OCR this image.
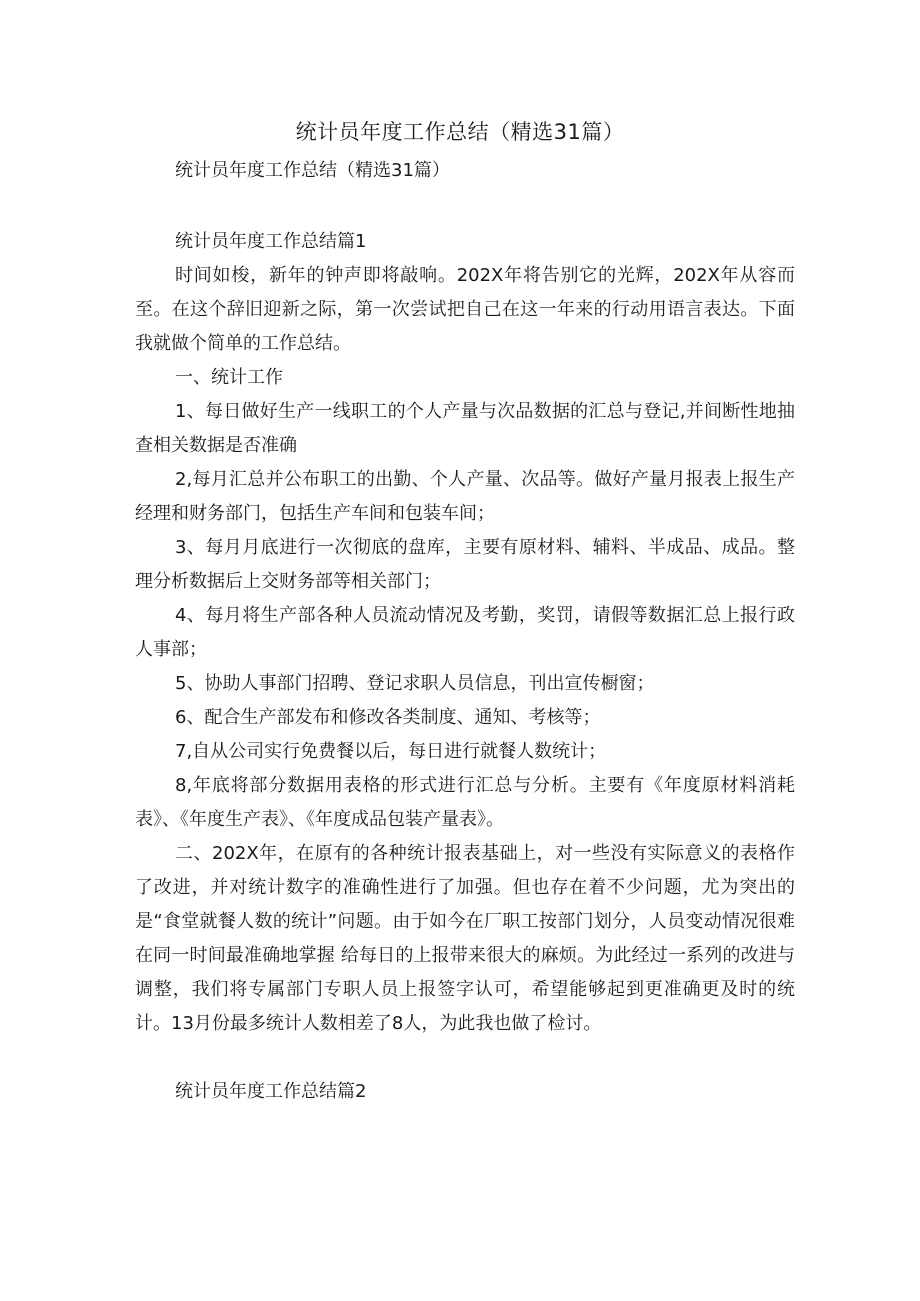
统计员年度工作总结（精选31篇）
统计员年度工作总结（精选31篇）

统计员年度工作总结篇1

时间如梭，新年的钟声即将敲响。202X年将告别它的光辉，202X年从容而至。在这个辞旧迎新之际，第一次尝试把自己在这一年来的行动用语言表达。下面我就做个简单的工作总结。

一、统计工作

1、每日做好生产一线职工的个人产量与次品数据的汇总与登记,并间断性地抽查相关数据是否准确

2,每月汇总并公布职工的出勤、个人产量、次品等。做好产量月报表上报生产经理和财务部门，包括生产车间和包装车间；

3、每月月底进行一次彻底的盘库，主要有原材料、辅料、半成品、成品。整理分析数据后上交财务部等相关部门；

4、每月将生产部各种人员流动情况及考勤，奖罚，请假等数据汇总上报行政人事部；

5、协助人事部门招聘、登记求职人员信息，刊出宣传橱窗；

6、配合生产部发布和修改各类制度、通知、考核等；

7,自从公司实行免费餐以后，每日进行就餐人数统计；

8,年底将部分数据用表格的形式进行汇总与分析。主要有《年度原材料消耗表》、《年度生产表》、《年度成品包装产量表》。

二、202X年，在原有的各种统计报表基础上，对一些没有实际意义的表格作了改进，并对统计数字的准确性进行了加强。但也存在着不少问题，尤为突出的是“食堂就餐人数的统计”问题。由于如今在厂职工按部门划分，人员变动情况很难在同一时间最准确地掌握 给每日的上报带来很大的麻烦。为此经过一系列的改进与调整，我们将专属部门专职人员上报签字认可，希望能够起到更准确更及时的统计。13月份最多统计人数相差了8人，为此我也做了检讨。

统计员年度工作总结篇2
